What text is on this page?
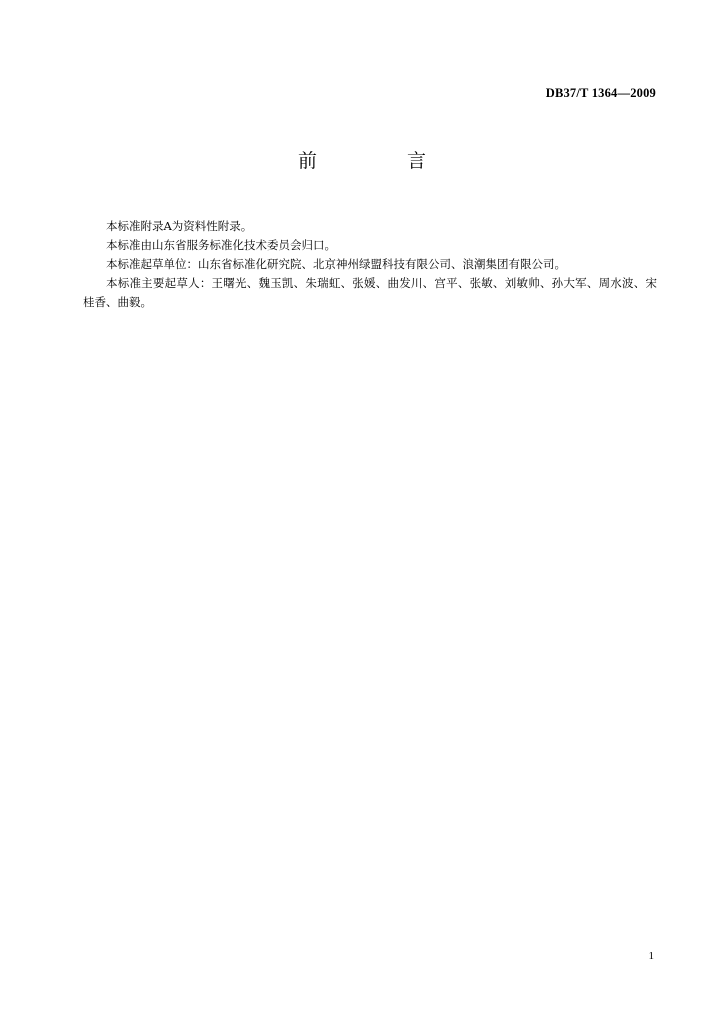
DB37/T 1364—2009
前 言

本标准附录A为资料性附录。

本标准由山东省服务标准化技术委员会归口。

本标准起草单位：山东省标准化研究院、北京神州绿盟科技有限公司、浪潮集团有限公司。

本标准主要起草人：王曙光、魏玉凯、朱瑞虹、张媛、曲发川、宫平、张敏、刘敏帅、孙大军、周水波、宋桂香、曲毅。

1
